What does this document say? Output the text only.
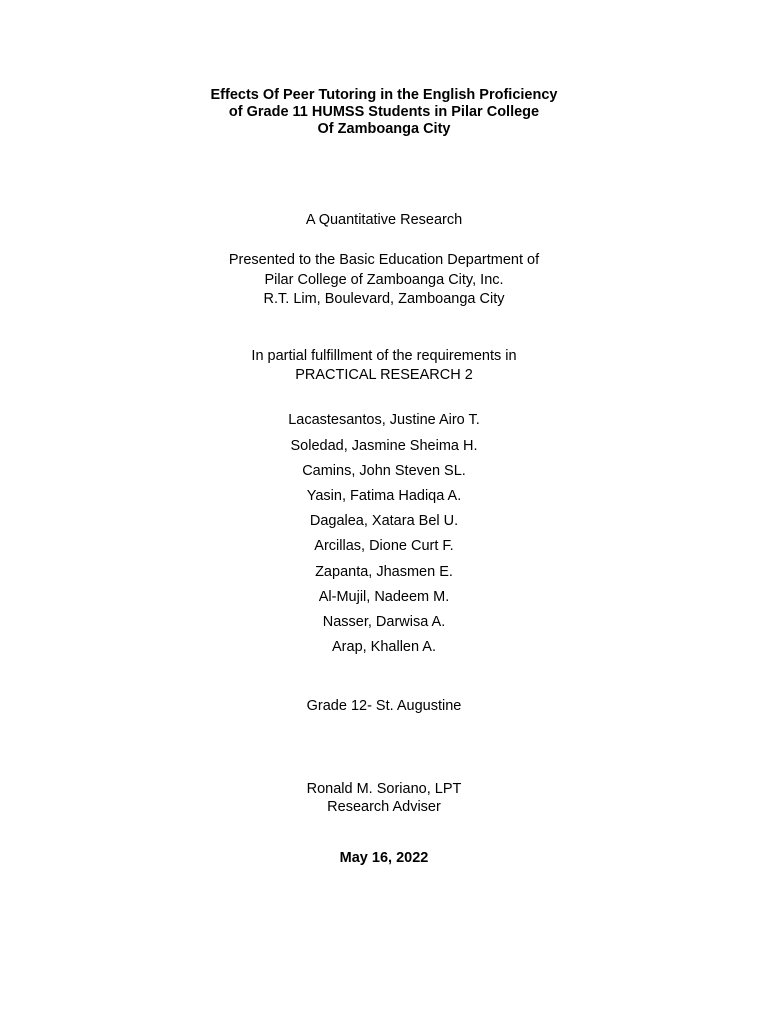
Effects Of Peer Tutoring in the English Proficiency
of Grade 11 HUMSS Students in Pilar College
Of Zamboanga City
A Quantitative Research
Presented to the Basic Education Department of
Pilar College of Zamboanga City, Inc.
R.T. Lim, Boulevard, Zamboanga City
In partial fulfillment of the requirements in
PRACTICAL RESEARCH 2
Lacastesantos, Justine Airo T.
Soledad, Jasmine Sheima H.
Camins, John Steven SL.
Yasin, Fatima Hadiqa A.
Dagalea, Xatara Bel U.
Arcillas, Dione Curt F.
Zapanta, Jhasmen E.
Al-Mujil, Nadeem M.
Nasser, Darwisa A.
Arap, Khallen A.
Grade 12- St. Augustine
Ronald M. Soriano, LPT
Research Adviser
May 16, 2022
